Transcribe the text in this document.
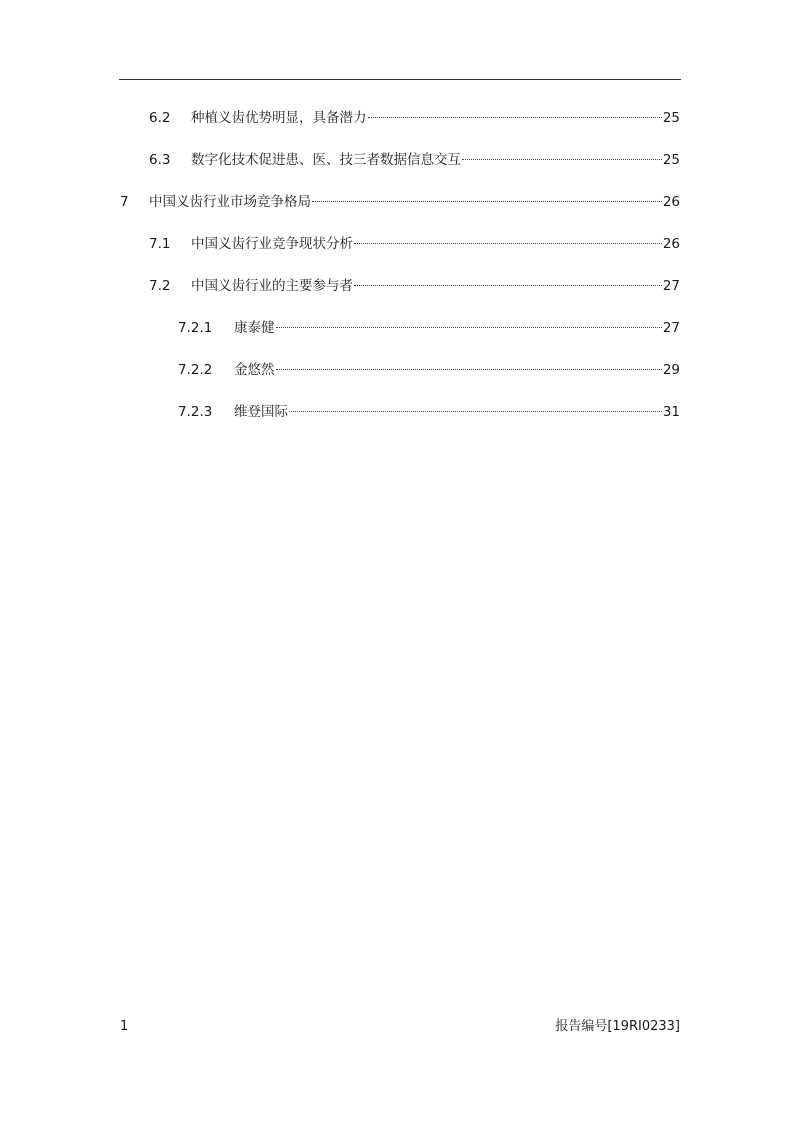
6.2	种植义齿优势明显，具备潜力	25
6.3	数字化技术促进患、医、技三者数据信息交互	25
7	中国义齿行业市场竞争格局	26
7.1	中国义齿行业竞争现状分析	26
7.2	中国义齿行业的主要参与者	27
7.2.1	康泰健	27
7.2.2	金悠然	29
7.2.3	维登国际	31
1	报告编号[19RI0233]
